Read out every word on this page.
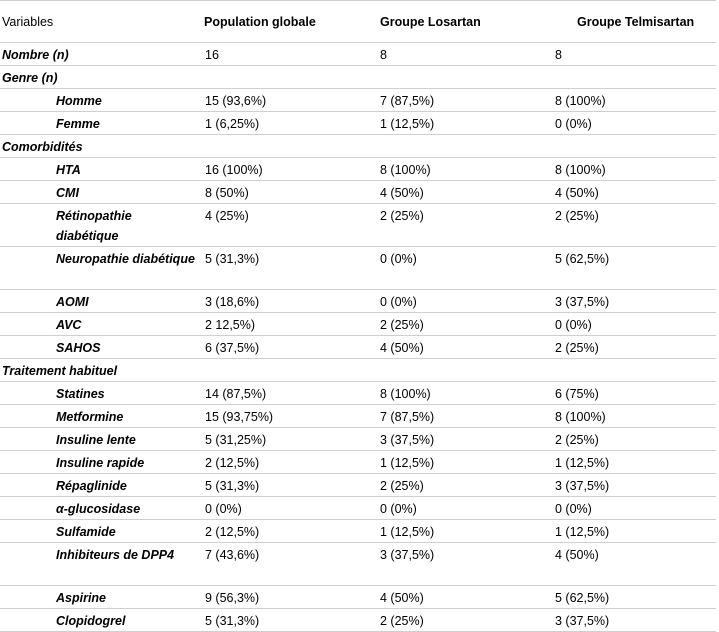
Variables	Population globale	Groupe Losartan	Groupe Telmisartan
Nombre (n)	16	8	8
Genre (n)			
Homme	15 (93,6%)	7 (87,5%)	8 (100%)
Femme	1 (6,25%)	1 (12,5%)	0 (0%)
Comorbidités			
HTA	16 (100%)	8 (100%)	8 (100%)
CMI	8 (50%)	4 (50%)	4 (50%)
Rétinopathie diabétique	4 (25%)	2 (25%)	2 (25%)
Neuropathie diabétique	5 (31,3%)	0 (0%)	5 (62,5%)
AOMI	3 (18,6%)	0 (0%)	3 (37,5%)
AVC	2 12,5%)	2 (25%)	0 (0%)
SAHOS	6 (37,5%)	4 (50%)	2 (25%)
Traitement habituel			
Statines	14 (87,5%)	8 (100%)	6 (75%)
Metformine	15 (93,75%)	7 (87,5%)	8 (100%)
Insuline lente	5 (31,25%)	3 (37,5%)	2 (25%)
Insuline rapide	2 (12,5%)	1 (12,5%)	1 (12,5%)
Répaglinide	5 (31,3%)	2 (25%)	3 (37,5%)
α-glucosidase	0 (0%)	0 (0%)	0 (0%)
Sulfamide	2 (12,5%)	1 (12,5%)	1 (12,5%)
Inhibiteurs de DPP4	7 (43,6%)	3 (37,5%)	4 (50%)
Aspirine	9 (56,3%)	4 (50%)	5 (62,5%)
Clopidogrel	5 (31,3%)	2 (25%)	3 (37,5%)
